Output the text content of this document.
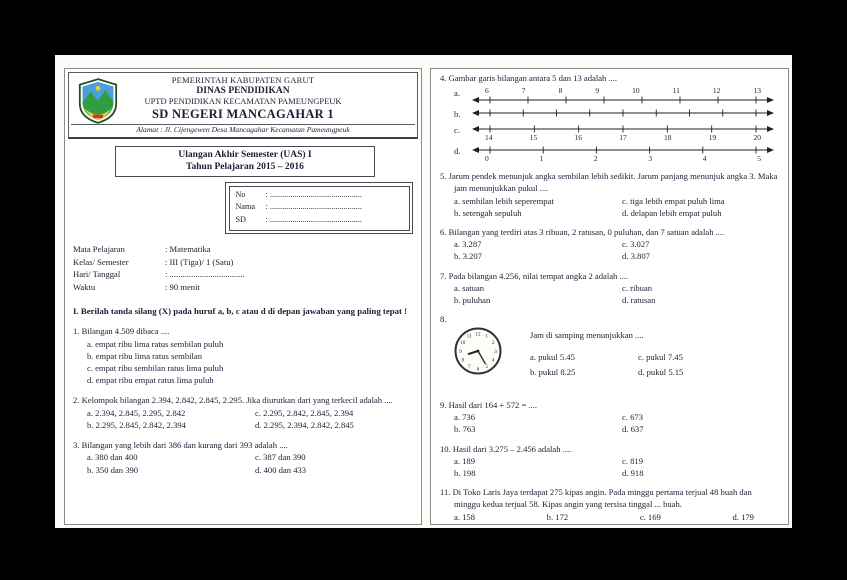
PEMERINTAH KABUPATEN GARUT
DINAS PENDIDIKAN
UPTD PENDIDIKAN KECAMATAN PAMEUNGPEUK
SD NEGERI MANCAGAHAR 1
Alamat : Jl. Cijengewen Desa Mancagahar Kecamatan Pameungpeuk
Ulangan Akhir Semester (UAS) I
Tahun Pelajaran 2015 – 2016
No	: .............................................
Nama	: .............................................
SD	: .............................................
Mata Pelajaran	: Matematika
Kelas/ Semester	: III (Tiga)/ 1 (Satu)
Hari/ Tanggal	: ...................................
Waktu	: 90 menit
I. Berilah tanda silang (X) pada huruf a, b, c atau d di depan jawaban yang paling tepat !
1. Bilangan 4.509 dibaca ....
a. empat ribu lima ratus sembilan puluh
b. empat ribu lima ratus sembilan
c. empat ribu sembilan ratus lima puluh
d. empat ribu empat ratus lima puluh
2. Kelompok bilangan 2.394, 2.842, 2.845, 2.295. Jika diurutkan dari yang terkecil adalah ....
a. 2.394, 2.845, 2.295, 2.842	c. 2.295, 2.842, 2.845, 2.394
b. 2.295, 2.845, 2.842, 2.394	d. 2.295, 2.394, 2.842, 2.845
3. Bilangan yang lebih dari 386 dan kurang dari 393 adalah ....
a. 380 dan 400	c. 387 dan 390
b. 350 dan 390	d. 400 dan 433
4. Gambar garis bilangan antara 5 dan 13 adalah ....
a.	6	7	8	9	10	11	12	13
b.
c.
14	15	16	17	18	19	20
d.
0	1	2	3	4	5
5. Jarum pendek menunjuk angka sembilan lebih sedikit. Jarum panjang menunjuk angka 3. Maka jam menunjukkan pukul ....
a. sembilan lebih seperempat	c. tiga lebih empat puluh lima
b. setengah sepuluh	d. delapan lebih empat puluh
6. Bilangan yang terdiri atas 3 ribuan, 2 ratusan, 0 puluhan, dan 7 satuan adalah ....
a. 3.287	c. 3.027
b. 3.207	d. 3.807
7. Pada bilangan 4.256, nilai tempat angka 2 adalah ....
a. satuan	c. ribuan
b. puluhan	d. ratusan
8.
12 1
2
3
4
5
6
7
8
9
10
11	Jam di samping menunjukkan ....
a. pukul 5.45	c. pukul 7.45
b. pukul 8.25	d. pukul 5.15
9. Hasil dari 164 + 572 = ....
a. 736	c. 673
b. 763	d. 637
10. Hasil dari 3.275 – 2.456 adalah ....
a. 189	c. 819
b. 198	d. 918
11. Di Toko Laris Jaya terdapat 275 kipas angin. Pada minggu pertama terjual 48 buah dan minggu kedua terjual 58. Kipas angin yang tersisa tinggal ... buah.
a. 158	b. 172	c. 169	d. 179
